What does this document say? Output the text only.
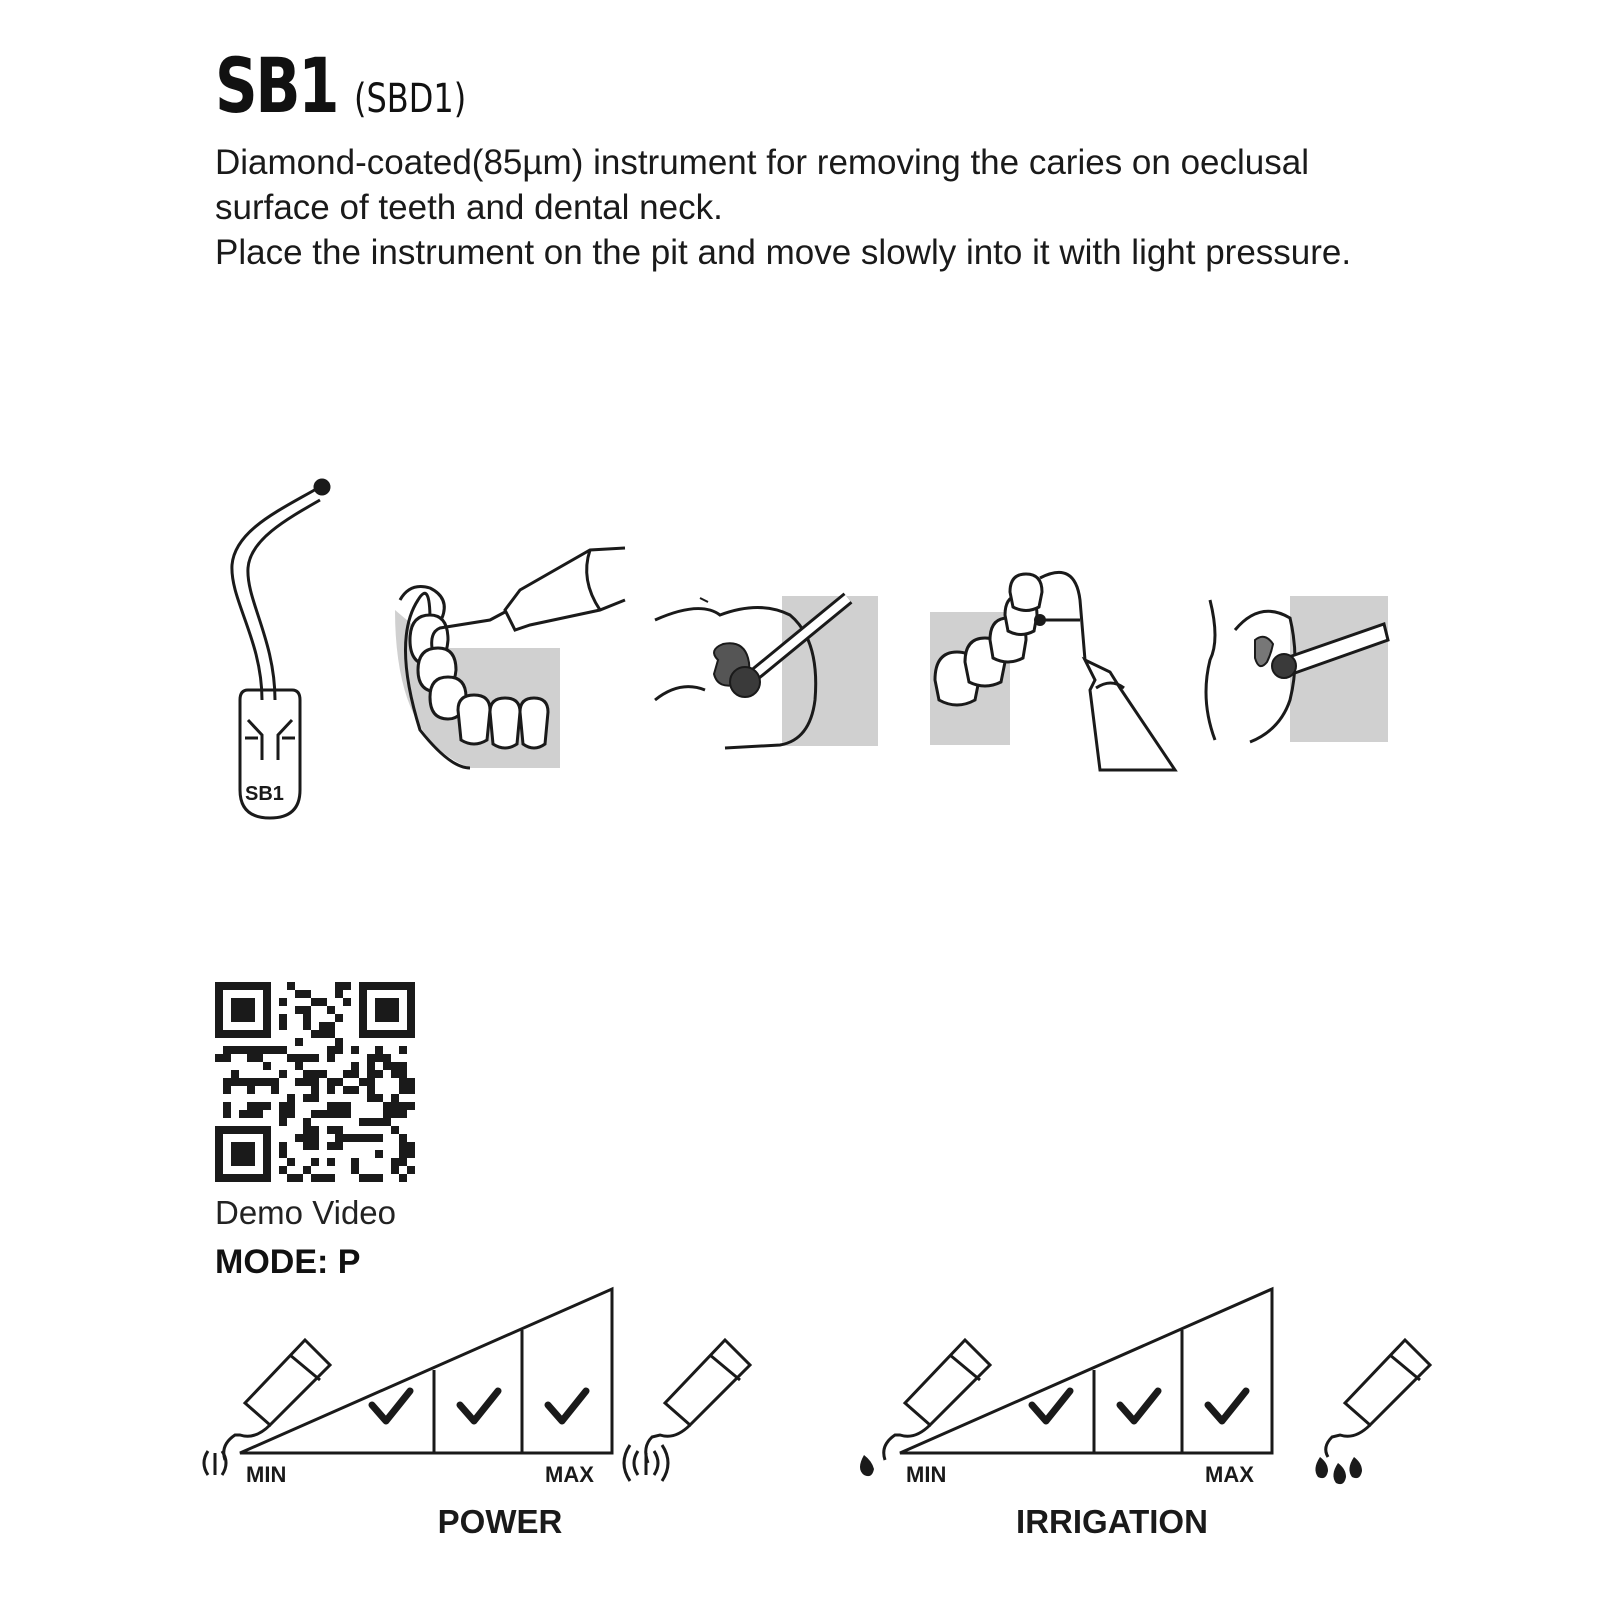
SB1 (SBD1)

Diamond-coated(85µm) instrument for removing the caries on oeclusal surface of teeth and dental neck.

Place the instrument on the pit and move slowly into it with light pressure.

SB1
Demo Video
MODE: P
MIN	MAX
POWER
MIN	MAX
IRRIGATION
